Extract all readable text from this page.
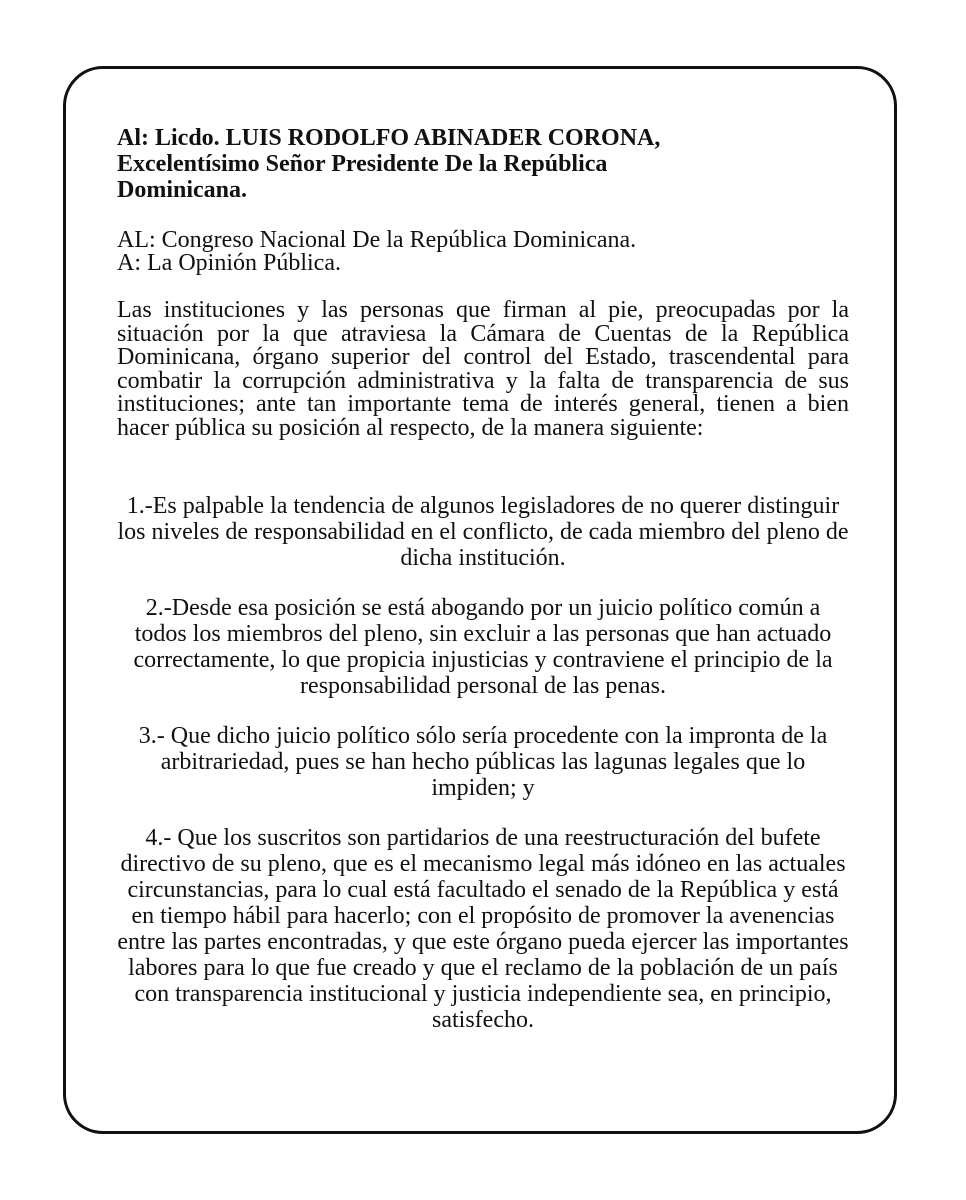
Al: Licdo. LUIS RODOLFO ABINADER CORONA,
Excelentísimo Señor Presidente De la República
Dominicana.
AL: Congreso Nacional De la República Dominicana.
A: La Opinión Pública.

Las instituciones y las personas que firman al pie, preocupadas por la situación por la que atraviesa la Cámara de Cuentas de la República Dominicana, órgano superior del control del Estado, trascendental para combatir la corrupción administrativa y la falta de transparencia de sus instituciones; ante tan importante tema de interés general, tienen a bien hacer pública su posición al respecto, de la manera siguiente:

1.-Es palpable la tendencia de algunos legisladores de no querer distinguir los niveles de responsabilidad en el conflicto, de cada miembro del pleno de dicha institución.

2.-Desde esa posición se está abogando por un juicio político común a todos los miembros del pleno, sin excluir a las personas que han actuado correctamente, lo que propicia injusticias y contraviene el principio de la responsabilidad personal de las penas.

3.- Que dicho juicio político sólo sería procedente con la impronta de la arbitrariedad, pues se han hecho públicas las lagunas legales que lo impiden; y

4.- Que los suscritos son partidarios de una reestructuración del bufete directivo de su pleno, que es el mecanismo legal más idóneo en las actuales circunstancias, para lo cual está facultado el senado de la República y está en tiempo hábil para hacerlo; con el propósito de promover la avenencias entre las partes encontradas, y que este órgano pueda ejercer las importantes labores para lo que fue creado y que el reclamo de la población de un país con transparencia institucional y justicia independiente sea, en principio, satisfecho.
